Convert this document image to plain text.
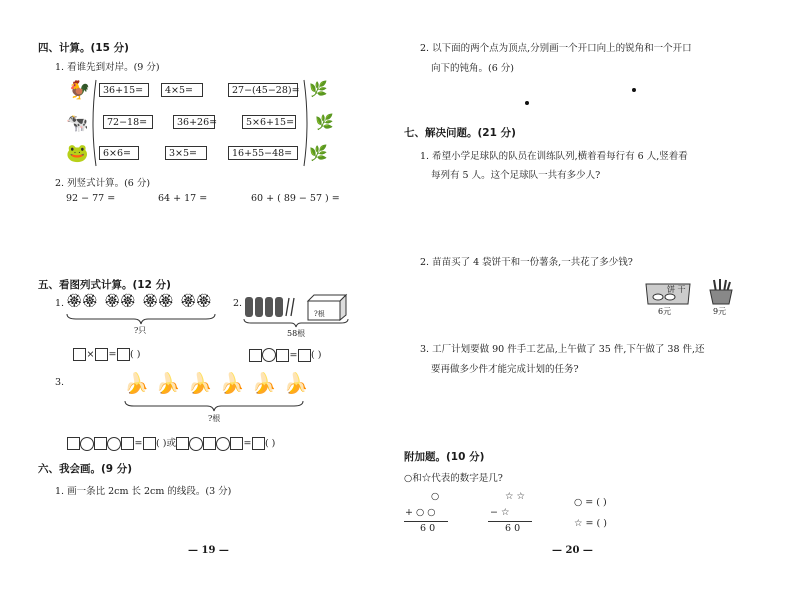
四、计算。(15 分)
1. 看谁先到对岸。(9 分)
🐓
🐄
🐸
36+15=	4×5=	27−(45−28)=
72−18=	36+26=	5×6+15=
6×6=	3×5=	16+55−48=
🌿
🌿
🌿
2. 列竖式计算。(6 分)
92 − 77 =	64 + 17 =	60 + ( 89 − 57 ) =
五、看图列式计算。(12 分)
1. 🏵🏵 🏵🏵 🏵🏵 🏵🏵
?只
× = ( )
2.
?根
58根
= ( )
3.	🍌🍌🍌🍌🍌🍌
?根
= ( )或	= ( )
六、我会画。(9 分)
1. 画一条比 2cm 长 2cm 的线段。(3 分)
— 19 —
2. 以下面的两个点为顶点,分别画一个开口向上的锐角和一个开口
向下的钝角。(6 分)
七、解决问题。(21 分)
1. 希望小学足球队的队员在训练队列,横着看每行有 6 人,竖着看
每列有 5 人。这个足球队一共有多少人?
2. 苗苗买了 4 袋饼干和一份薯条,一共花了多少钱?
饼 干
6元	9元
3. 工厂计划要做 90 件手工艺品,上午做了 35 件,下午做了 38 件,还
要再做多少件才能完成计划的任务?
附加题。(10 分)
○和☆代表的数字是几?
○
+ ○ ○
6 0
☆ ☆
− ☆
6 0
○ = ( )
☆ = ( )
— 20 —
